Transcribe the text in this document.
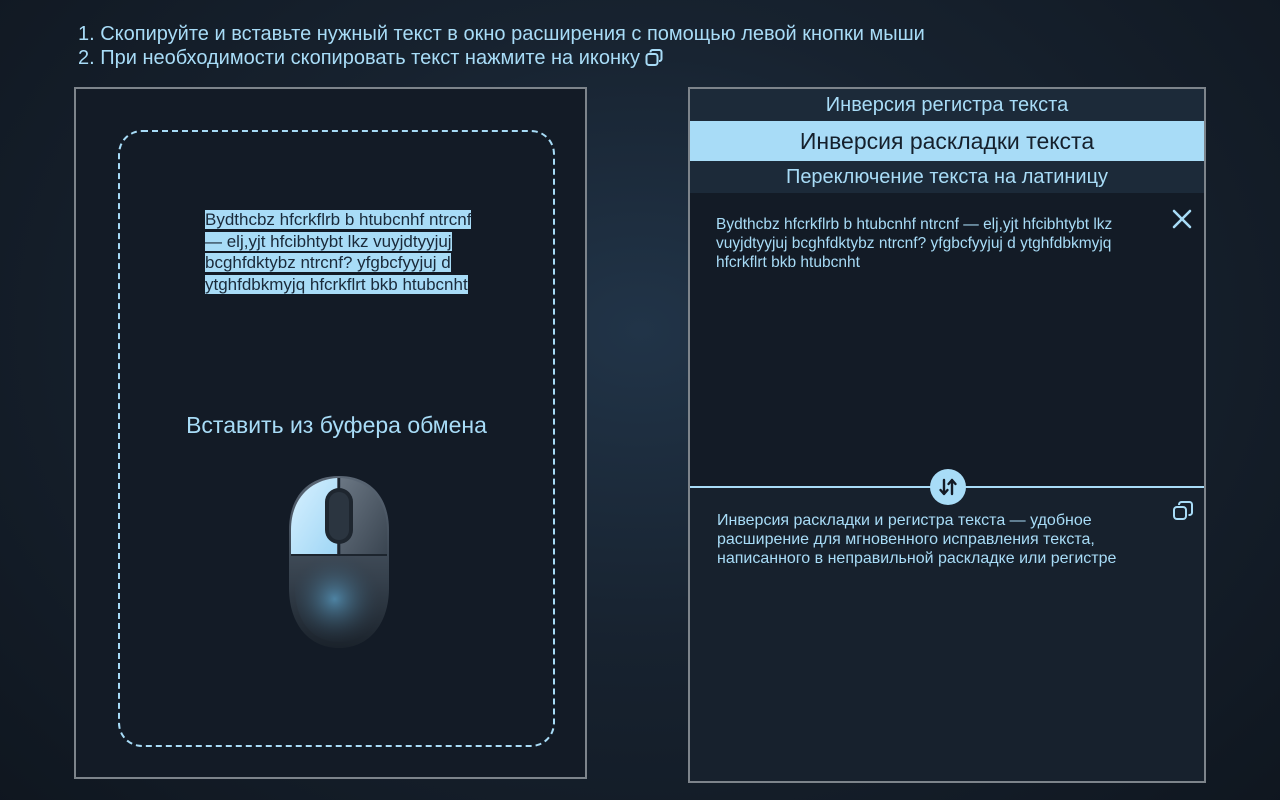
1. Скопируйте и вставьте нужный текст в окно расширения с помощью левой кнопки мыши
2. При необходимости скопировать текст нажмите на иконку
Bydthcbz hfcrkflrb b htubcnhf ntrcnf — elj,yjt hfcibhtybt lkz vuyjdtyyjuj bcghfdktybz ntrcnf? yfgbcfyyjuj d ytghfdbkmyjq hfcrkflrt bkb htubcnht
Вставить из буфера обмена
Инверсия регистра текста
Инверсия раскладки текста
Переключение текста на латиницу
Bydthcbz hfcrkflrb b htubcnhf ntrcnf — elj,yjt hfcibhtybt lkz vuyjdtyyjuj bcghfdktybz ntrcnf? yfgbcfyyjuj d ytghfdbkmyjq hfcrkflrt bkb htubcnht
Инверсия раскладки и регистра текста — удобное расширение для мгновенного исправления текста, написанного в неправильной раскладке или регистре
